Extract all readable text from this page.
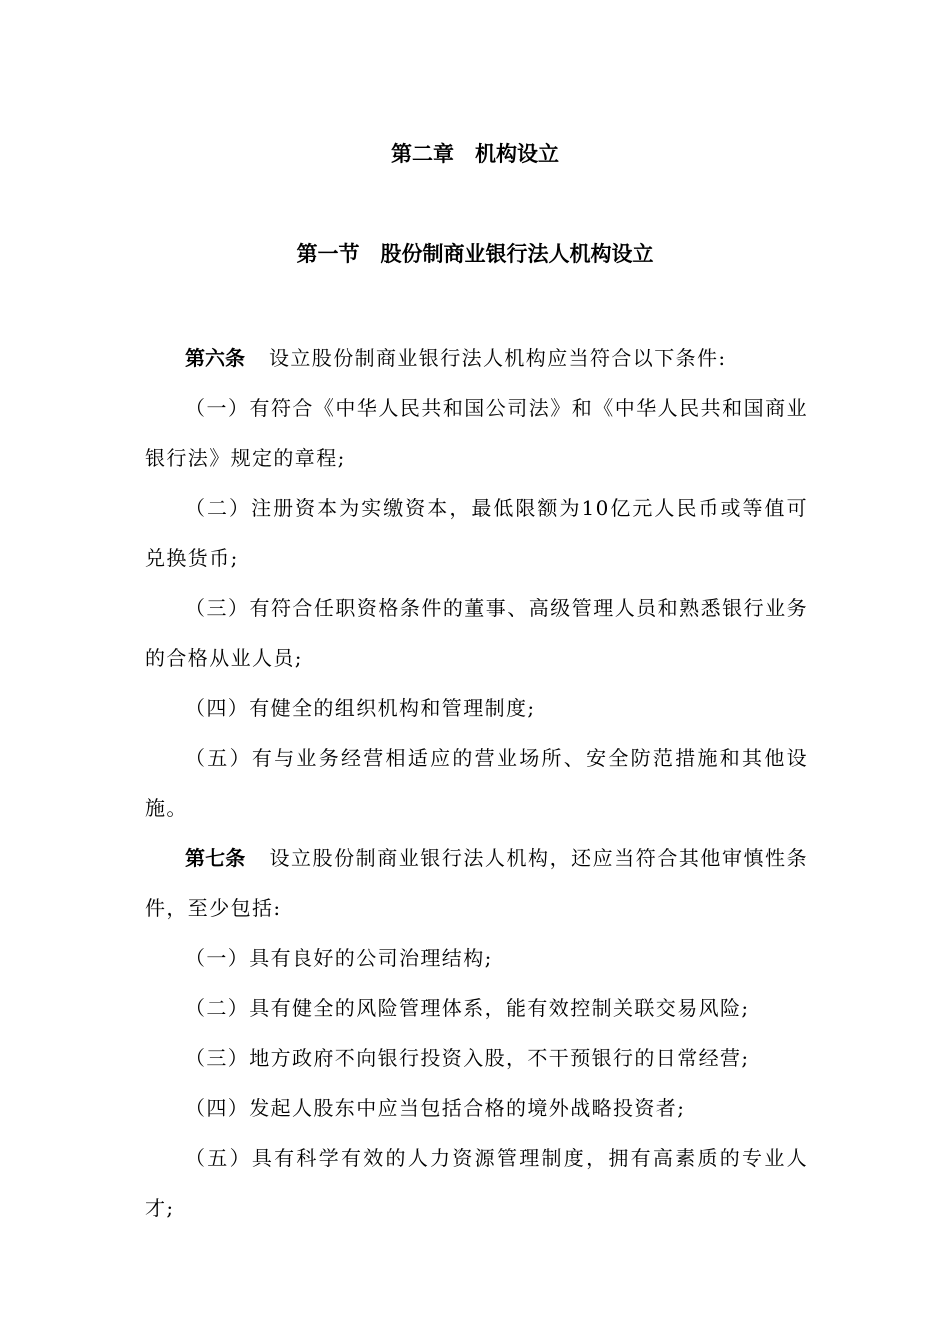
第二章　机构设立
第一节　股份制商业银行法人机构设立

第六条 设立股份制商业银行法人机构应当符合以下条件:

（一）有符合《中华人民共和国公司法》和《中华人民共和国商业银行法》规定的章程;

（二）注册资本为实缴资本，最低限额为10亿元人民币或等值可兑换货币;

（三）有符合任职资格条件的董事、高级管理人员和熟悉银行业务的合格从业人员;

（四）有健全的组织机构和管理制度;

（五）有与业务经营相适应的营业场所、安全防范措施和其他设施。

第七条 设立股份制商业银行法人机构，还应当符合其他审慎性条件，至少包括:

（一）具有良好的公司治理结构;

（二）具有健全的风险管理体系，能有效控制关联交易风险;

（三）地方政府不向银行投资入股，不干预银行的日常经营;

（四）发起人股东中应当包括合格的境外战略投资者;

（五）具有科学有效的人力资源管理制度，拥有高素质的专业人才;
